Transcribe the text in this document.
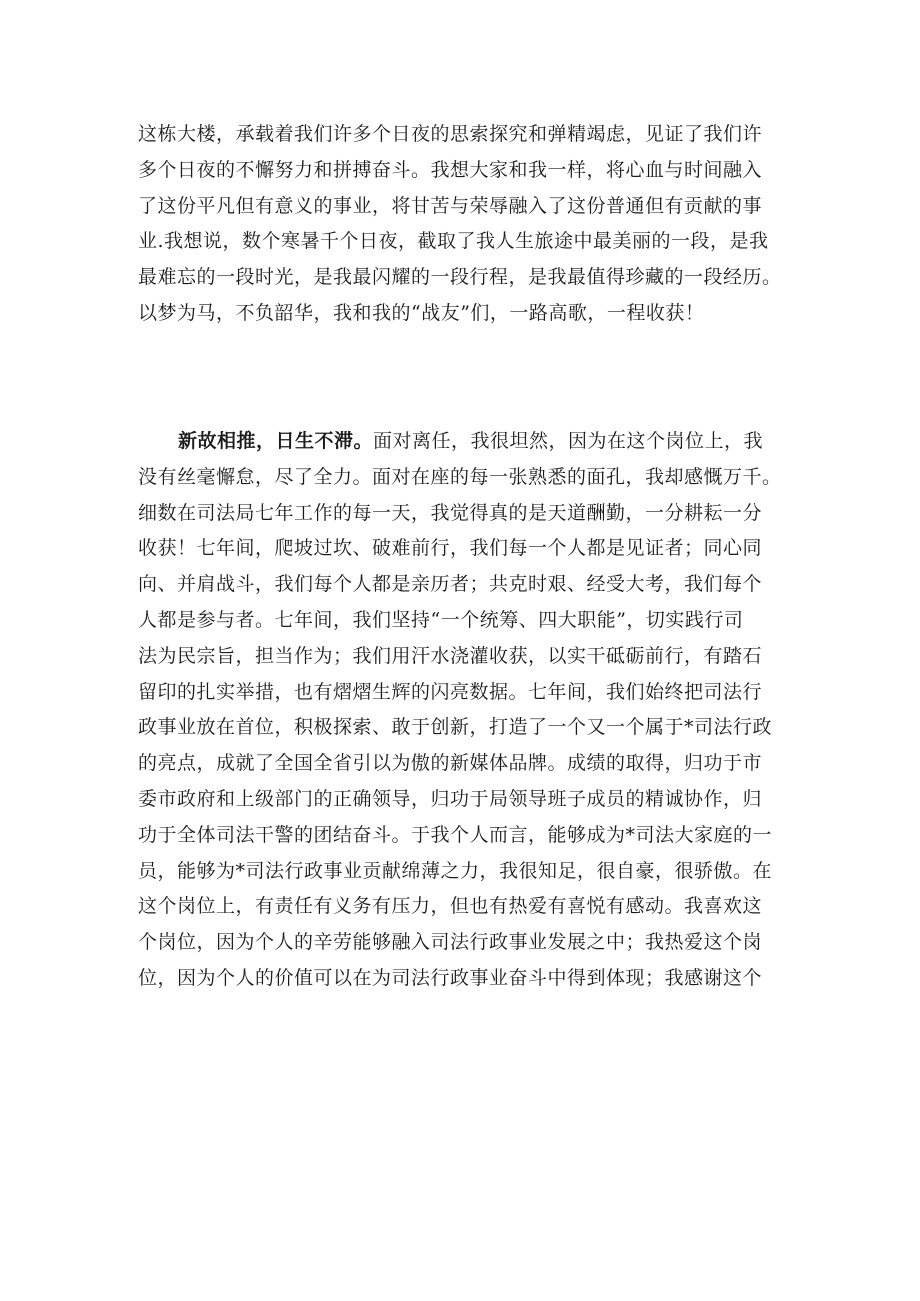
这栋大楼，承载着我们许多个日夜的思索探究和弹精竭虑，见证了我们许
多个日夜的不懈努力和拼搏奋斗。我想大家和我一样，将心血与时间融入
了这份平凡但有意义的事业，将甘苦与荣辱融入了这份普通但有贡献的事
业.我想说，数个寒暑千个日夜，截取了我人生旅途中最美丽的一段，是我
最难忘的一段时光，是我最闪耀的一段行程，是我最值得珍藏的一段经历。
以梦为马，不负韶华，我和我的“战友”们，一路高歌，一程收获！
新故相推，日生不滞。面对离任，我很坦然，因为在这个岗位上，我
没有丝毫懈怠，尽了全力。面对在座的每一张熟悉的面孔，我却感慨万千。
细数在司法局七年工作的每一天，我觉得真的是天道酬勤，一分耕耘一分
收获！七年间，爬坡过坎、破难前行，我们每一个人都是见证者；同心同
向、并肩战斗，我们每个人都是亲历者；共克时艰、经受大考，我们每个
人都是参与者。七年间，我们坚持“一个统筹、四大职能”，切实践行司
法为民宗旨，担当作为；我们用汗水浇灌收获，以实干砥砺前行，有踏石
留印的扎实举措，也有熠熠生辉的闪亮数据。七年间，我们始终把司法行
政事业放在首位，积极探索、敢于创新，打造了一个又一个属于*司法行政
的亮点，成就了全国全省引以为傲的新媒体品牌。成绩的取得，归功于市
委市政府和上级部门的正确领导，归功于局领导班子成员的精诚协作，归
功于全体司法干警的团结奋斗。于我个人而言，能够成为*司法大家庭的一
员，能够为*司法行政事业贡献绵薄之力，我很知足，很自豪，很骄傲。在
这个岗位上，有责任有义务有压力，但也有热爱有喜悦有感动。我喜欢这
个岗位，因为个人的辛劳能够融入司法行政事业发展之中；我热爱这个岗
位，因为个人的价值可以在为司法行政事业奋斗中得到体现；我感谢这个
